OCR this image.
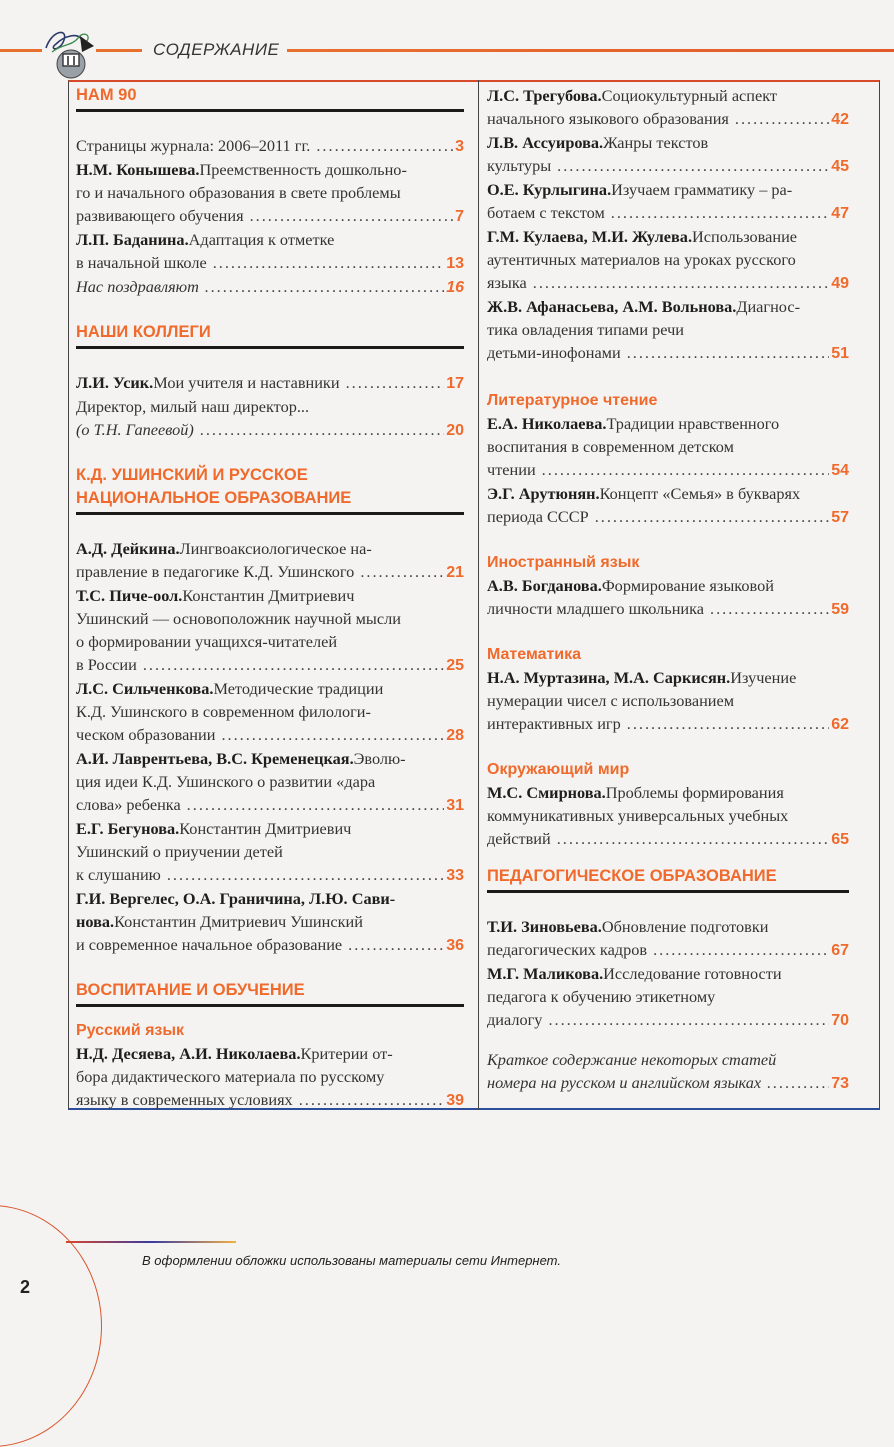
СОДЕРЖАНИЕ
НАМ 90
Страницы журнала: 2006–2011 гг. .....	3
Н.М. Конышева. Преемственность дошкольно-
го и начального образования в свете проблемы
развивающего обучения .....	7
Л.П. Баданина. Адаптация к отметке
в начальной школе .....	13
Нас поздравляют .....	16
НАШИ КОЛЛЕГИ
Л.И. Усик. Мои учителя и наставники .....	17
Директор, милый наш директор...
(о Т.Н. Гапеевой) .....	20
К.Д. УШИНСКИЙ И РУССКОЕ
НАЦИОНАЛЬНОЕ ОБРАЗОВАНИЕ
А.Д. Дейкина. Лингвоаксиологическое на-
правление в педагогике К.Д. Ушинского .....	21
Т.С. Пиче-оол. Константин Дмитриевич
Ушинский — основоположник научной мысли
о формировании учащихся-читателей
в России .....	25
Л.С. Сильченкова. Методические традиции
К.Д. Ушинского в современном филологи-
ческом образовании .....	28
А.И. Лаврентьева, В.С. Кременецкая. Эволю-
ция идеи К.Д. Ушинского о развитии «дара
слова» ребенка .....	31
Е.Г. Бегунова. Константин Дмитриевич
Ушинский о приучении детей
к слушанию .....	33
Г.И. Вергелес, О.А. Граничина, Л.Ю. Сави-
нова. Константин Дмитриевич Ушинский
и современное начальное образование .....	36
ВОСПИТАНИЕ И ОБУЧЕНИЕ
Русский язык
Н.Д. Десяева, А.И. Николаева. Критерии от-
бора дидактического материала по русскому
языку в современных условиях .....	39
Л.С. Трегубова. Социокультурный аспект
начального языкового образования .....	42
Л.В. Ассуирова. Жанры текстов
культуры .....	45
О.Е. Курлыгина. Изучаем грамматику – ра-
ботаем с текстом .....	47
Г.М. Кулаева, М.И. Жулева. Использование
аутентичных материалов на уроках русского
языка .....	49
Ж.В. Афанасьева, А.М. Вольнова. Диагнос-
тика овладения типами речи
детьми-инофонами .....	51
Литературное чтение
Е.А. Николаева. Традиции нравственного
воспитания в современном детском
чтении .....	54
Э.Г. Арутюнян. Концепт «Семья» в букварях
периода СССР .....	57
Иностранный язык
А.В. Богданова. Формирование языковой
личности младшего школьника .....	59
Математика
Н.А. Муртазина, М.А. Саркисян. Изучение
нумерации чисел с использованием
интерактивных игр .....	62
Окружающий мир
М.С. Смирнова. Проблемы формирования
коммуникативных универсальных учебных
действий .....	65
ПЕДАГОГИЧЕСКОЕ ОБРАЗОВАНИЕ
Т.И. Зиновьева. Обновление подготовки
педагогических кадров .....	67
М.Г. Маликова. Исследование готовности
педагога к обучению этикетному
диалогу .....	70
Краткое содержание некоторых статей
номера на русском и английском языках .....	73
В оформлении обложки использованы материалы сети Интернет.
2
